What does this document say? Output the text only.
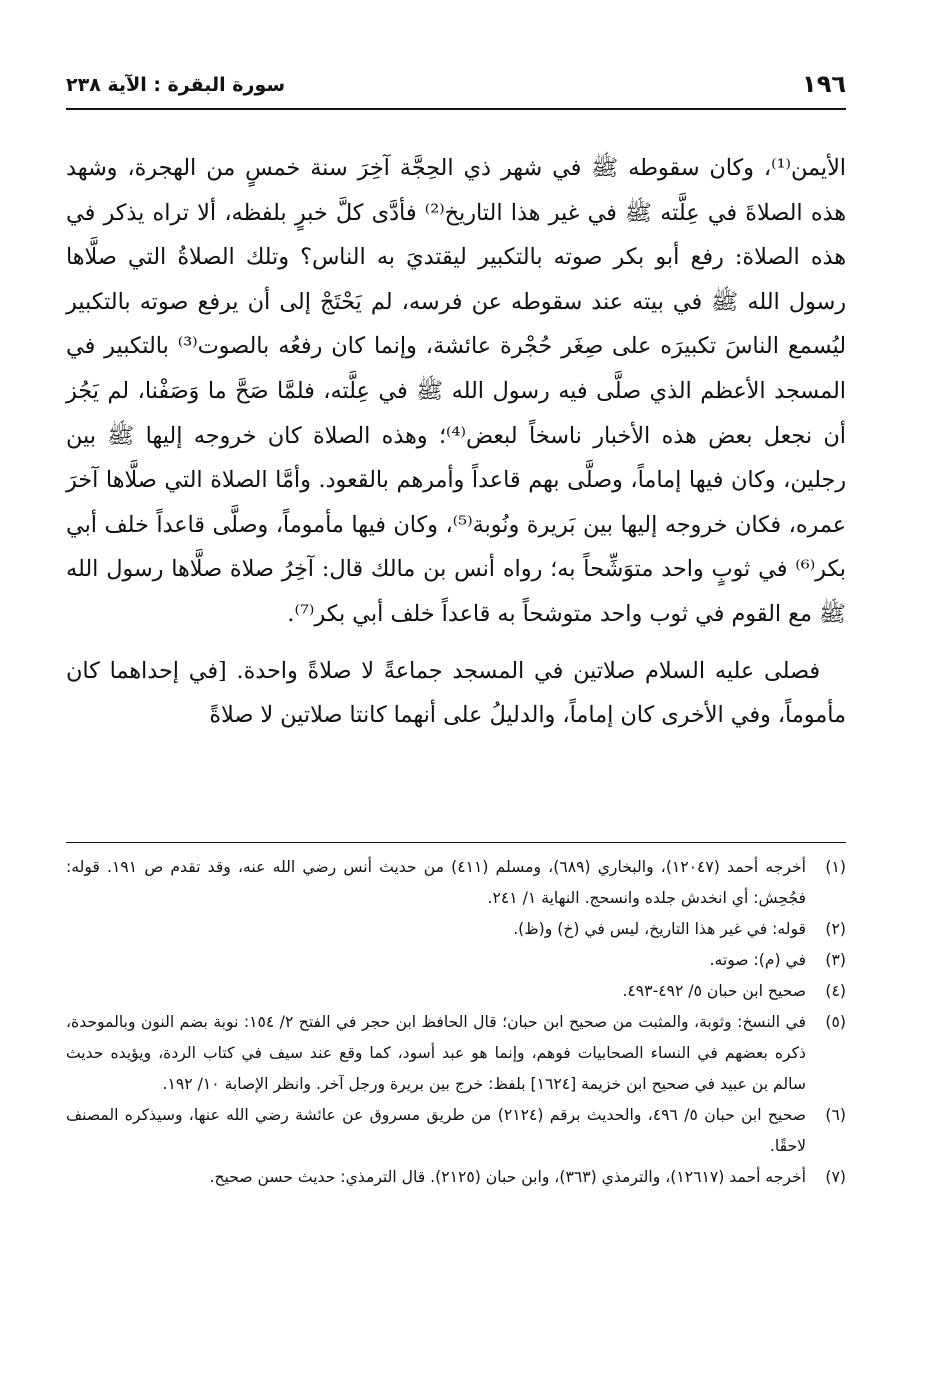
١٩٦
سورة البقرة : الآية ٢٣٨

الأيمن⁽¹⁾، وكان سقوطه ﷺ في شهر ذي الحِجَّة آخِرَ سنة خمسٍ من الهجرة، وشهد هذه الصلاةَ في عِلَّته ﷺ في غير هذا التاريخ⁽²⁾ فأدَّى كلَّ خبرٍ بلفظه، ألا تراه يذكر في هذه الصلاة: رفع أبو بكر صوته بالتكبير ليقتديَ به الناس؟ وتلك الصلاةُ التي صلَّاها رسول الله ﷺ في بيته عند سقوطه عن فرسه، لم يَحْتَجْ إلى أن يرفع صوته بالتكبير ليُسمع الناسَ تكبيرَه على صِغَر حُجْرة عائشة، وإنما كان رفعُه بالصوت⁽³⁾ بالتكبير في المسجد الأعظم الذي صلَّى فيه رسول الله ﷺ في عِلَّته، فلمَّا صَحَّ ما وَصَفْنا، لم يَجُز أن نجعل بعض هذه الأخبار ناسخاً لبعض⁽⁴⁾؛ وهذه الصلاة كان خروجه إليها ﷺ بين رجلين، وكان فيها إماماً، وصلَّى بهم قاعداً وأمرهم بالقعود. وأمَّا الصلاة التي صلَّاها آخرَ عمره، فكان خروجه إليها بين بَريرة ونُوبة⁽⁵⁾، وكان فيها مأموماً، وصلَّى قاعداً خلف أبي بكر⁽⁶⁾ في ثوبٍ واحد متوَشِّحاً به؛ رواه أنس بن مالك قال: آخِرُ صلاة صلَّاها رسول الله ﷺ مع القوم في ثوب واحد متوشحاً به قاعداً خلف أبي بكر⁽⁷⁾.

فصلى عليه السلام صلاتين في المسجد جماعةً لا صلاةً واحدة. [في إحداهما كان مأموماً، وفي الأخرى كان إماماً، والدليلُ على أنهما كانتا صلاتين لا صلاةً

(١)
أخرجه أحمد (١٢٠٤٧)، والبخاري (٦٨٩)، ومسلم (٤١١) من حديث أنس رضي الله عنه، وقد تقدم ص ١٩١. قوله: فجُحِش: أي انخدش جلده وانسحج. النهاية ١/ ٢٤١.
(٢)
قوله: في غير هذا التاريخ، ليس في (خ) و(ظ).
(٣)
في (م): صوته.
(٤)
صحيح ابن حبان ٥/ ٤٩٢-٤٩٣.
(٥)
في النسخ: وثوبة، والمثبت من صحيح ابن حبان؛ قال الحافظ ابن حجر في الفتح ٢/ ١٥٤: نوبة بضم النون وبالموحدة، ذكره بعضهم في النساء الصحابيات فوهم، وإنما هو عبد أسود، كما وقع عند سيف في كتاب الردة، ويؤيده حديث سالم بن عبيد في صحيح ابن خزيمة [١٦٢٤] بلفظ: خرج بين بريرة ورجل آخر. وانظر الإصابة ١٠/ ١٩٢.
(٦)
صحيح ابن حبان ٥/ ٤٩٦، والحديث برقم (٢١٢٤) من طريق مسروق عن عائشة رضي الله عنها، وسيذكره المصنف لاحقًا.
(٧)
أخرجه أحمد (١٢٦١٧)، والترمذي (٣٦٣)، وابن حبان (٢١٢٥). قال الترمذي: حديث حسن صحيح.
